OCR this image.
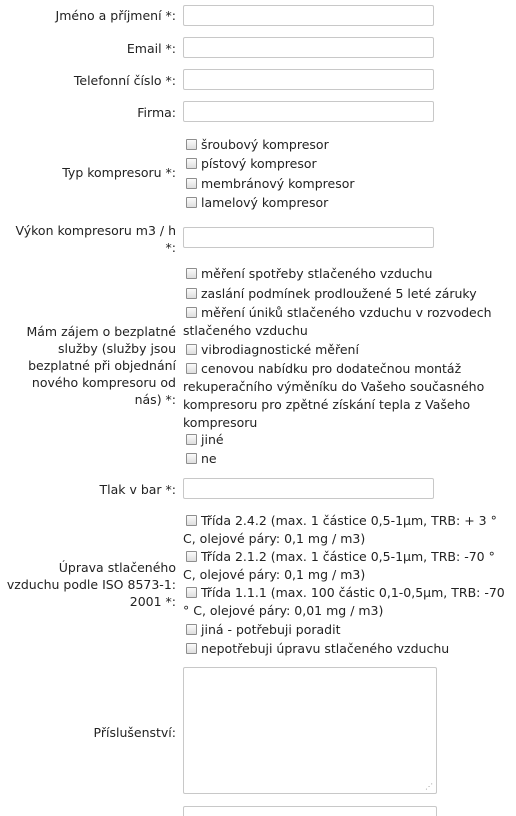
Jméno a příjmení *:
Email *:
Telefonní číslo *:
Firma:
Typ kompresoru *:
šroubový kompresor
pístový kompresor
membránový kompresor
lamelový kompresor
Výkon kompresoru m3 / h *:
Mám zájem o bezplatné služby (služby jsou bezplatné při objednání nového kompresoru od nás) *:
měření spotřeby stlačeného vzduchu
zaslání podmínek prodloužené 5 leté záruky
měření úniků stlačeného vzduchu v rozvodech stlačeného vzduchu
vibrodiagnostické měření
cenovou nabídku pro dodatečnou montáž rekuperačního výměníku do Vašeho současného kompresoru pro zpětné získání tepla z Vašeho kompresoru
jiné
ne
Tlak v bar *:
Úprava stlačeného vzduchu podle ISO 8573-1: 2001 *:
Třída 2.4.2 (max. 1 částice 0,5-1µm, TRB: + 3 ° C, olejové páry: 0,1 mg / m3)
Třída 2.1.2 (max. 1 částice 0,5-1µm, TRB: -70 ° C, olejové páry: 0,1 mg / m3)
Třída 1.1.1 (max. 100 částic 0,1-0,5µm, TRB: -70 ° C, olejové páry: 0,01 mg / m3)
jiná - potřebuji poradit
nepotřebuji úpravu stlačeného vzduchu
Příslušenství:
⋰
